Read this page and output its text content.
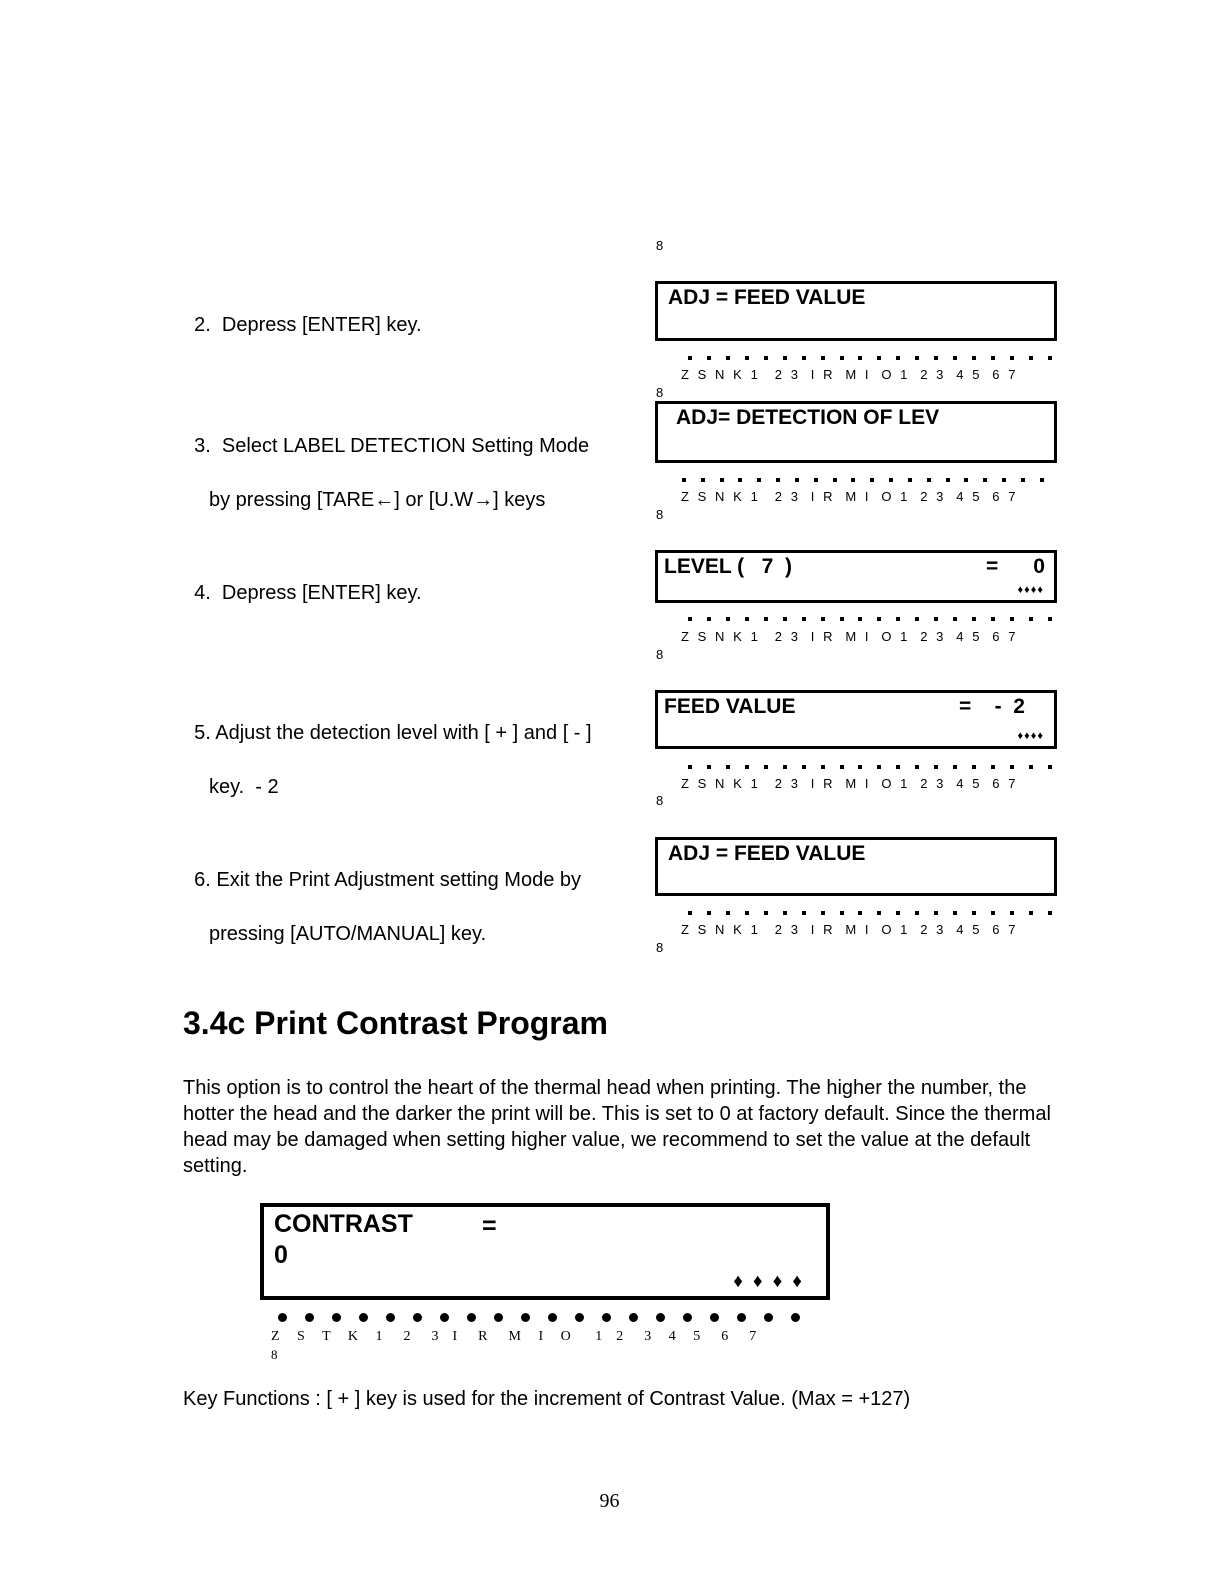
8

2.  Depress [ENTER] key.

ADJ = FEED VALUE
Z  S  N  K  1    2  3   I  R   M  I   O  1   2  3   4  5   6  7
8

3.  Select LABEL DETECTION Setting Mode

by pressing [TARE←] or [U.W→] keys

ADJ= DETECTION OF LEV
Z  S  N  K  1    2  3   I  R   M  I   O  1   2  3   4  5   6  7
8

4.  Depress [ENTER] key.

LEVEL (   7  )	=      0
♦♦♦♦
Z  S  N  K  1    2  3   I  R   M  I   O  1   2  3   4  5   6  7
8

5. Adjust the detection level with [ + ] and [ - ]

key.  - 2

FEED VALUE	=    -  2
♦♦♦♦
Z  S  N  K  1    2  3   I  R   M  I   O  1   2  3   4  5   6  7
8

6. Exit the Print Adjustment setting Mode by

pressing [AUTO/MANUAL] key.

ADJ = FEED VALUE
Z  S  N  K  1    2  3   I  R   M  I   O  1   2  3   4  5   6  7
8
3.4c Print Contrast Program
This option is to control the heart of the thermal head when printing. The higher the number, the hotter the head and the darker the print will be. This is set to 0 at factory default. Since the thermal head may be damaged when setting higher value, we recommend to set the value at the default setting.
CONTRAST	=
0
♦♦♦♦
Z     S     T     K     1      2      3    I      R      M     I     O       1    2      3     4     5      6      7
8
Key Functions : [ + ] key is used for the increment of Contrast Value. (Max = +127)
96
